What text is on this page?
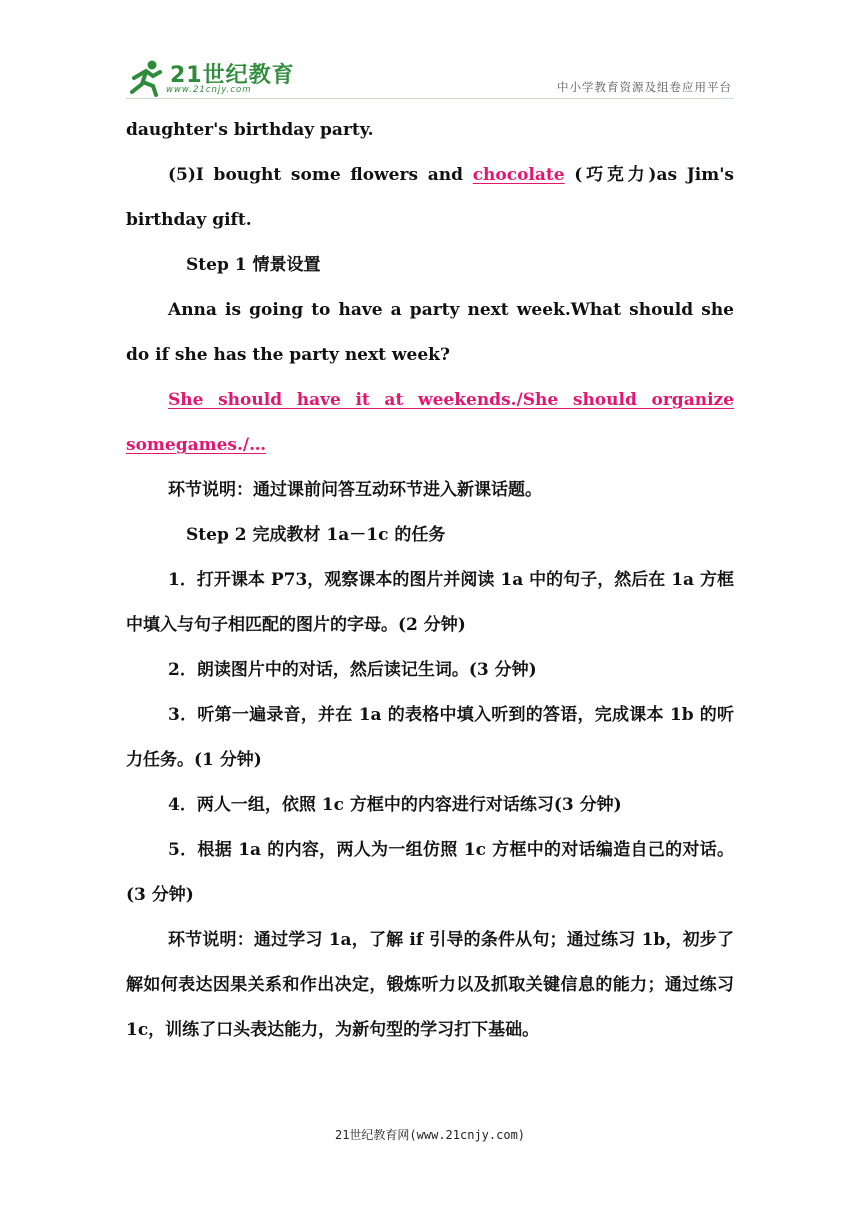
21世纪教育
www.21cnjy.com	中小学教育资源及组卷应用平台

daughter's birthday party.

(5)I bought some flowers and chocolate (巧克力)as Jim's birthday gift.

Step 1 情景设置

Anna is going to have a party next week.What should she do if she has the party next week?

She should have it at weekends./She should organize somegames./…

环节说明：通过课前问答互动环节进入新课话题。

Step 2 完成教材 1a－1c 的任务

1．打开课本 P73，观察课本的图片并阅读 1a 中的句子，然后在 1a 方框中填入与句子相匹配的图片的字母。(2 分钟)

2．朗读图片中的对话，然后读记生词。(3 分钟)

3．听第一遍录音，并在 1a 的表格中填入听到的答语，完成课本 1b 的听力任务。(1 分钟)

4．两人一组，依照 1c 方框中的内容进行对话练习(3 分钟)

5．根据 1a 的内容，两人为一组仿照 1c 方框中的对话编造自己的对话。(3 分钟)

环节说明：通过学习 1a，了解 if 引导的条件从句；通过练习 1b，初步了解如何表达因果关系和作出决定，锻炼听力以及抓取关键信息的能力；通过练习 1c，训练了口头表达能力，为新句型的学习打下基础。

21世纪教育网(www.21cnjy.com)
